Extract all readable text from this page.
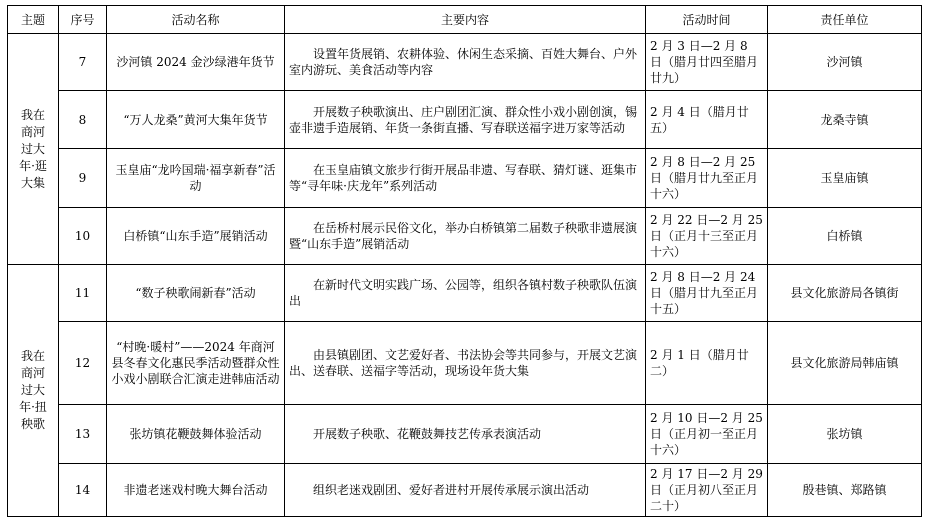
主题	序号	活动名称	主要内容	活动时间	责任单位

我在商河过大年·逛大集	7	沙河镇 2024 金沙绿港年货节	设置年货展销、农耕体验、休闲生态采摘、百姓大舞台、户外室内游玩、美食活动等内容	2 月 3 日—2 月 8 日（腊月廿四至腊月廿九）	沙河镇
	8	“万人龙桑”黄河大集年货节	开展数子秧歌演出、庄户剧团汇演、群众性小戏小剧创演，锡壶非遗手造展销、年货一条街直播、写春联送福字进万家等活动	2 月 4 日（腊月廿五）	龙桑寺镇
	9	玉皇庙“龙吟国瑞·福享新春”活动	在玉皇庙镇文旅步行街开展品非遗、写春联、猜灯谜、逛集市等“寻年味·庆龙年”系列活动	2 月 8 日—2 月 25 日（腊月廿九至正月十六）	玉皇庙镇
	10	白桥镇“山东手造”展销活动	在岳桥村展示民俗文化，举办白桥镇第二届数子秧歌非遗展演暨“山东手造”展销活动	2 月 22 日—2 月 25 日（正月十三至正月十六）	白桥镇

我在商河过大年·扭秧歌	11	“数子秧歌闹新春”活动	在新时代文明实践广场、公园等，组织各镇村数子秧歌队伍演出	2 月 8 日—2 月 24 日（腊月廿九至正月十五）	县文化旅游局各镇街
	12	“村晚·暖村”——2024 年商河县冬春文化惠民季活动暨群众性小戏小剧联合汇演走进韩庙活动	由县镇剧团、文艺爱好者、书法协会等共同参与，开展文艺演出、送春联、送福字等活动，现场设年货大集	2 月 1 日（腊月廿二）	县文化旅游局韩庙镇
	13	张坊镇花鞭鼓舞体验活动	开展数子秧歌、花鞭鼓舞技艺传承表演活动	2 月 10 日—2 月 25 日（正月初一至正月十六）	张坊镇
	14	非遗老迷戏村晚大舞台活动	组织老迷戏剧团、爱好者进村开展传承展示演出活动	2 月 17 日—2 月 29 日（正月初八至正月二十）	殷巷镇、郑路镇
